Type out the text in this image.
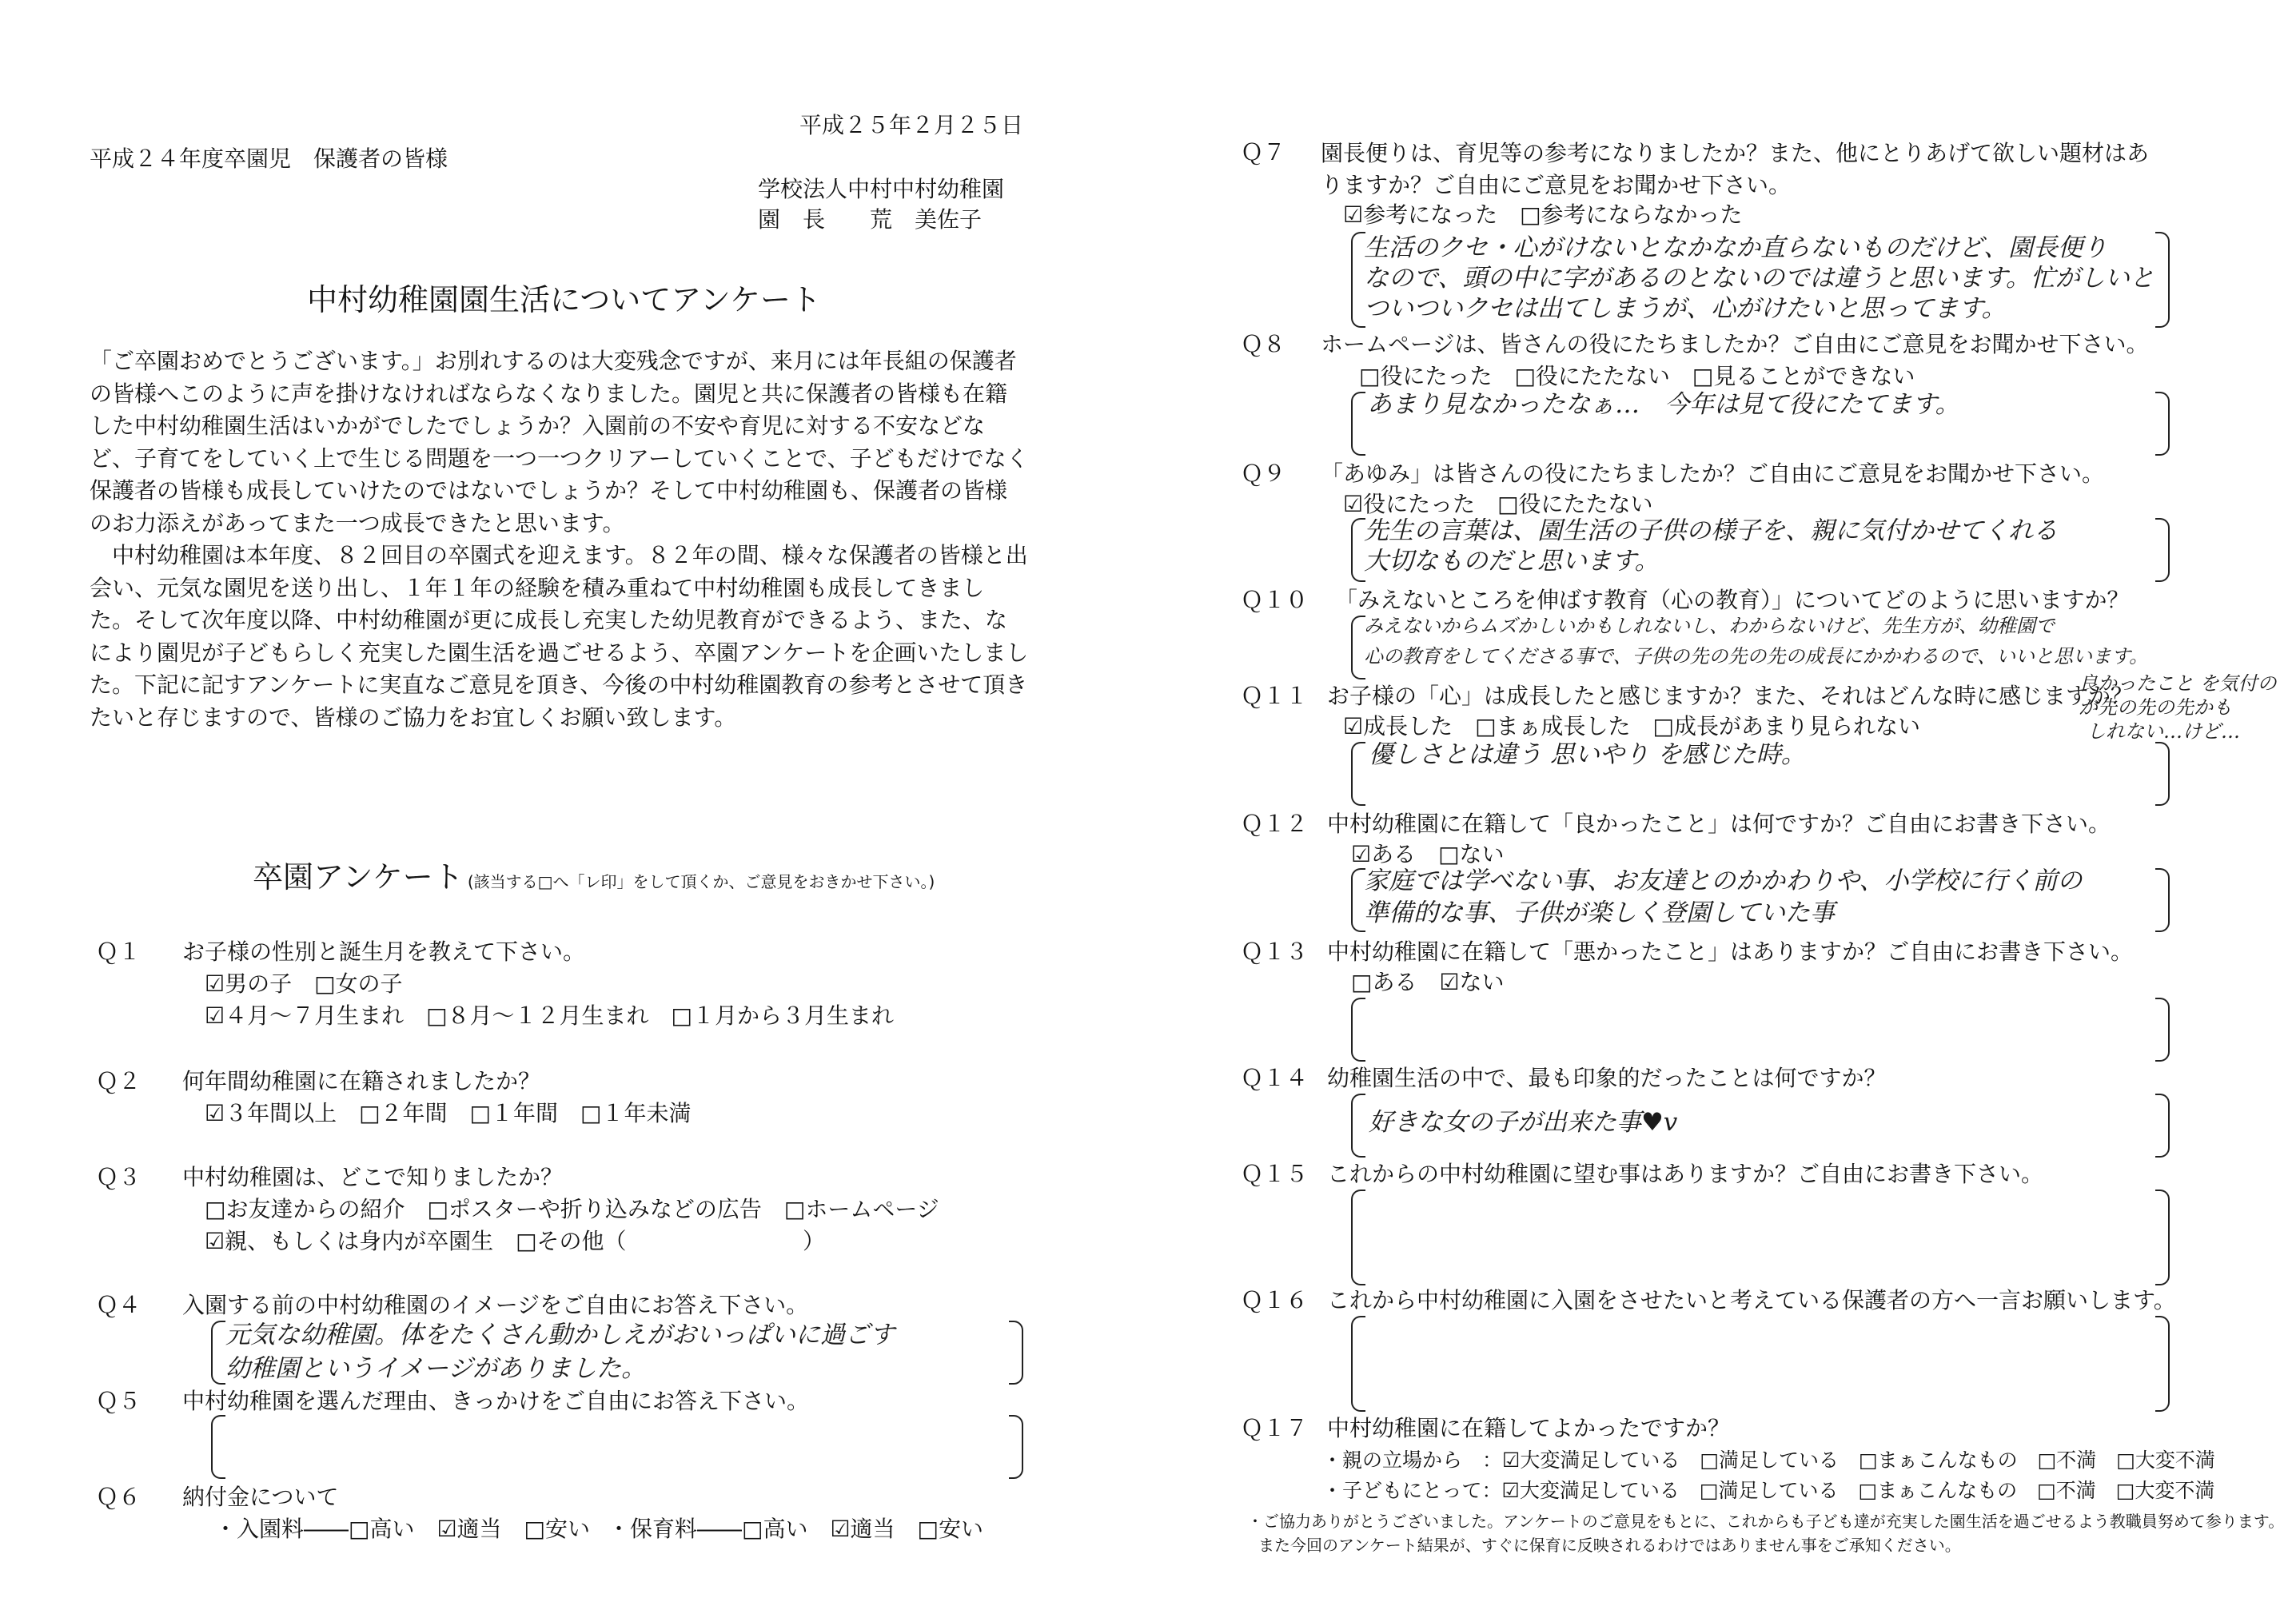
平成２５年２月２５日
平成２４年度卒園児　保護者の皆様
学校法人中村中村幼稚園
園　長　　荒　美佐子
中村幼稚園園生活についてアンケート

「ご卒園おめでとうございます。」お別れするのは大変残念ですが、来月には年長組の保護者の皆様へこのように声を掛けなければならなくなりました。園児と共に保護者の皆様も在籍した中村幼稚園生活はいかがでしたでしょうか？入園前の不安や育児に対する不安などなど、子育てをしていく上で生じる問題を一つ一つクリアーしていくことで、子どもだけでなく保護者の皆様も成長していけたのではないでしょうか？そして中村幼稚園も、保護者の皆様のお力添えがあってまた一つ成長できたと思います。

中村幼稚園は本年度、８２回目の卒園式を迎えます。８２年の間、様々な保護者の皆様と出会い、元気な園児を送り出し、１年１年の経験を積み重ねて中村幼稚園も成長してきました。そして次年度以降、中村幼稚園が更に成長し充実した幼児教育ができるよう、また、なにより園児が子どもらしく充実した園生活を過ごせるよう、卒園アンケートを企画いたしました。下記に記すアンケートに実直なご意見を頂き、今後の中村幼稚園教育の参考とさせて頂きたいと存じますので、皆様のご協力をお宜しくお願い致します。

卒園アンケート (該当する□へ「レ印」をして頂くか、ご意見をおきかせ下さい。)
Ｑ１ お子様の性別と誕生月を教えて下さい。
☑男の子　□女の子
☑４月～７月生まれ　□８月～１２月生まれ　□１月から３月生まれ
Ｑ２ 何年間幼稚園に在籍されましたか？
☑３年間以上　□２年間　□１年間　□１年未満
Ｑ３ 中村幼稚園は、どこで知りましたか？
□お友達からの紹介　□ポスターや折り込みなどの広告　□ホームページ
☑親、もしくは身内が卒園生　□その他（	）
Ｑ４ 入園する前の中村幼稚園のイメージをご自由にお答え下さい。
元気な幼稚園。体をたくさん動かしえがおいっぱいに過ごす
幼稚園というイメージがありました。
Ｑ５ 中村幼稚園を選んだ理由、きっかけをご自由にお答え下さい。
Ｑ６ 納付金について
・入園料――□高い　☑適当　□安い ・保育料――□高い　☑適当　□安い
Ｑ７ 園長便りは、育児等の参考になりましたか？また、他にとりあげて欲しい題材はありますか？ご自由にご意見をお聞かせ下さい。
☑参考になった　□参考にならなかった
生活のクセ・心がけないとなかなか直らないものだけど、園長便り
なので、頭の中に字があるのとないのでは違うと思います。忙がしいと
ついついクセは出てしまうが、心がけたいと思ってます。
Ｑ８ ホームページは、皆さんの役にたちましたか？ご自由にご意見をお聞かせ下さい。
□役にたった　□役にたたない　□見ることができない
あまり見なかったなぁ…　今年は見て役にたてます。
Ｑ９ 「あゆみ」は皆さんの役にたちましたか？ご自由にご意見をお聞かせ下さい。
☑役にたった　□役にたたない
先生の言葉は、園生活の子供の様子を、親に気付かせてくれる
大切なものだと思います。
Ｑ１０ 「みえないところを伸ばす教育（心の教育）」についてどのように思いますか？
みえないからムズかしいかもしれないし、わからないけど、先生方が、幼稚園で
心の教育をしてくださる事で、子供の先の先の先の成長にかかわるので、いいと思います。
良かったこと を気付の
が先の先の先かも
しれない…けど…
Ｑ１１ お子様の「心」は成長したと感じますか？また、それはどんな時に感じますか？
☑成長した　□まぁ成長した　□成長があまり見られない
優しさとは違う 思いやり を感じた時。
Ｑ１２ 中村幼稚園に在籍して「良かったこと」は何ですか？ご自由にお書き下さい。
☑ある　□ない
家庭では学べない事、お友達とのかかわりや、小学校に行く前の
準備的な事、子供が楽しく登園していた事
Ｑ１３ 中村幼稚園に在籍して「悪かったこと」はありますか？ご自由にお書き下さい。
□ある　☑ない
Ｑ１４ 幼稚園生活の中で、最も印象的だったことは何ですか？
好きな女の子が出来た事♥v
Ｑ１５ これからの中村幼稚園に望む事はありますか？ご自由にお書き下さい。
Ｑ１６ これから中村幼稚園に入園をさせたいと考えている保護者の方へ一言お願いします。
Ｑ１７ 中村幼稚園に在籍してよかったですか？
・親の立場から　：☑大変満足している　□満足している　□まぁこんなもの　□不満　□大変不満
・子どもにとって：☑大変満足している　□満足している　□まぁこんなもの　□不満　□大変不満
・ご協力ありがとうございました。アンケートのご意見をもとに、これからも子ども達が充実した園生活を過ごせるよう教職員努めて参ります。
また今回のアンケート結果が、すぐに保育に反映されるわけではありません事をご承知ください。
